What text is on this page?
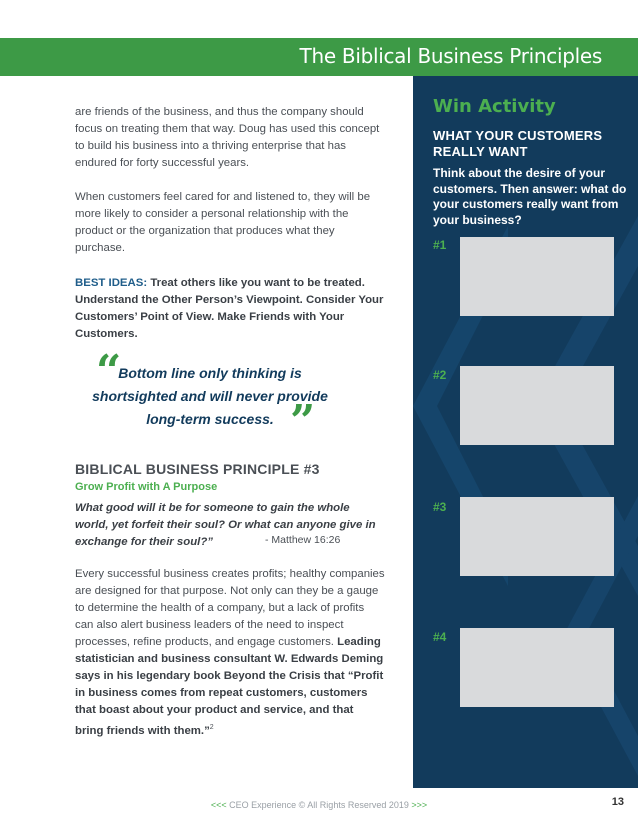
The Biblical Business Principles

are friends of the business, and thus the company should focus on treating them that way. Doug has used this concept to build his business into a thriving enterprise that has endured for forty successful years.

When customers feel cared for and listened to, they will be more likely to consider a personal relationship with the product or the organization that produces what they purchase.

BEST IDEAS: Treat others like you want to be treated. Understand the Other Person’s Viewpoint. Consider Your Customers’ Point of View. Make Friends with Your Customers.

“
Bottom line only thinking is shortsighted and will never provide long-term success. ”
BIBLICAL BUSINESS PRINCIPLE #3
Grow Profit with A Purpose

What good will it be for someone to gain the whole world, yet forfeit their soul? Or what can anyone give in exchange for their soul?”	- Matthew 16:26

Every successful business creates profits; healthy companies are designed for that purpose. Not only can they be a gauge to determine the health of a company, but a lack of profits can also alert business leaders of the need to inspect processes, refine products, and engage customers. Leading statistician and business consultant W. Edwards Deming says in his legendary book Beyond the Crisis that “Profit in business comes from repeat customers, customers that boast about your product and service, and that bring friends with them.”$^2$

Win Activity
WHAT YOUR CUSTOMERS REALLY WANT
Think about the desire of your customers. Then answer: what do your customers really want from your business?
#1
#2
#3
#4
<<< CEO Experience © All Rights Reserved 2019 >>>	13
